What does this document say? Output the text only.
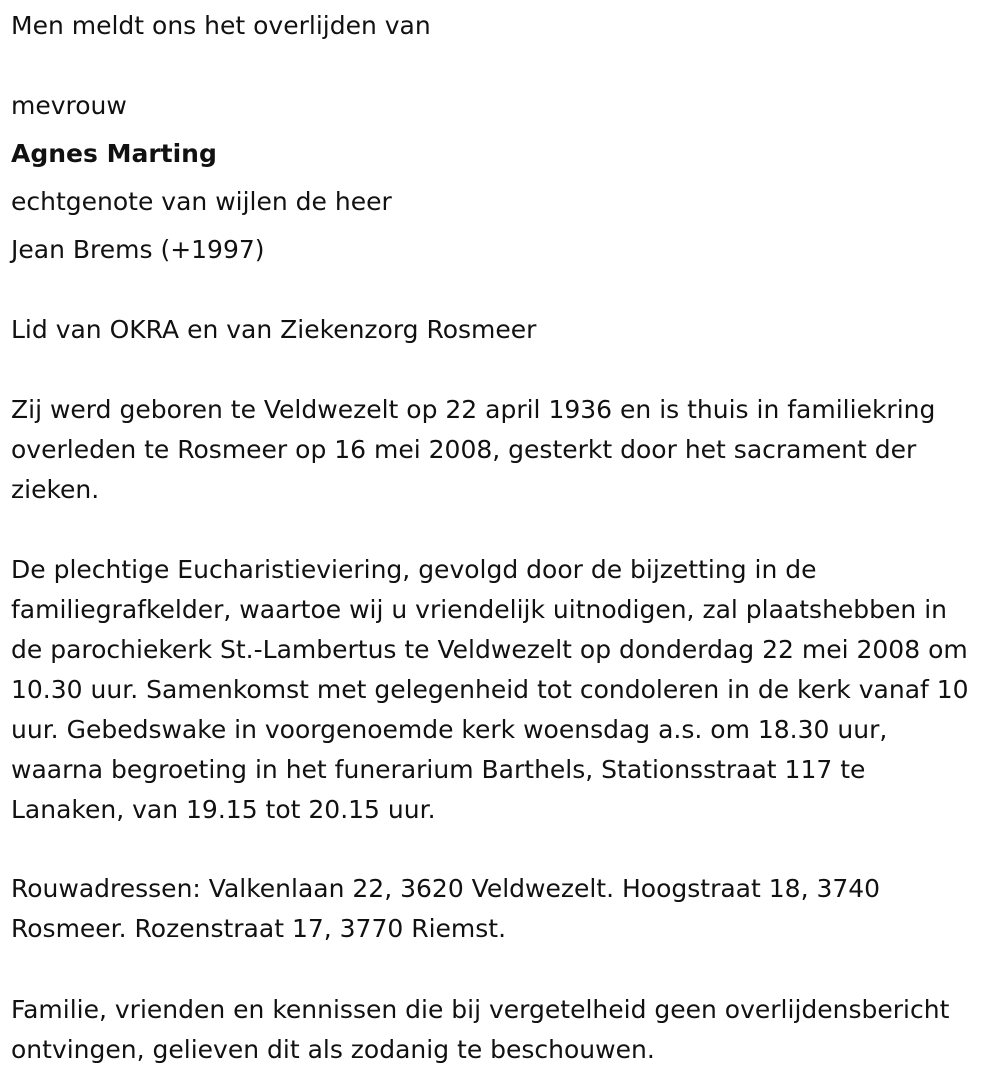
Men meldt ons het overlijden van

mevrouw

Agnes Marting

echtgenote van wijlen de heer

Jean Brems (+1997)

Lid van OKRA en van Ziekenzorg Rosmeer

Zij werd geboren te Veldwezelt op 22 april 1936 en is thuis in familiekring overleden te Rosmeer op 16 mei 2008, gesterkt door het sacrament der zieken.

De plechtige Eucharistieviering, gevolgd door de bijzetting in de familiegrafkelder, waartoe wij u vriendelijk uitnodigen, zal plaatshebben in de parochiekerk St.-Lambertus te Veldwezelt op donderdag 22 mei 2008 om 10.30 uur. Samenkomst met gelegenheid tot condoleren in de kerk vanaf 10 uur. Gebedswake in voorgenoemde kerk woensdag a.s. om 18.30 uur, waarna begroeting in het funerarium Barthels, Stationsstraat 117 te Lanaken, van 19.15 tot 20.15 uur.

Rouwadressen: Valkenlaan 22, 3620 Veldwezelt. Hoogstraat 18, 3740 Rosmeer. Rozenstraat 17, 3770 Riemst.

Familie, vrienden en kennissen die bij vergetelheid geen overlijdensbericht ontvingen, gelieven dit als zodanig te beschouwen.
